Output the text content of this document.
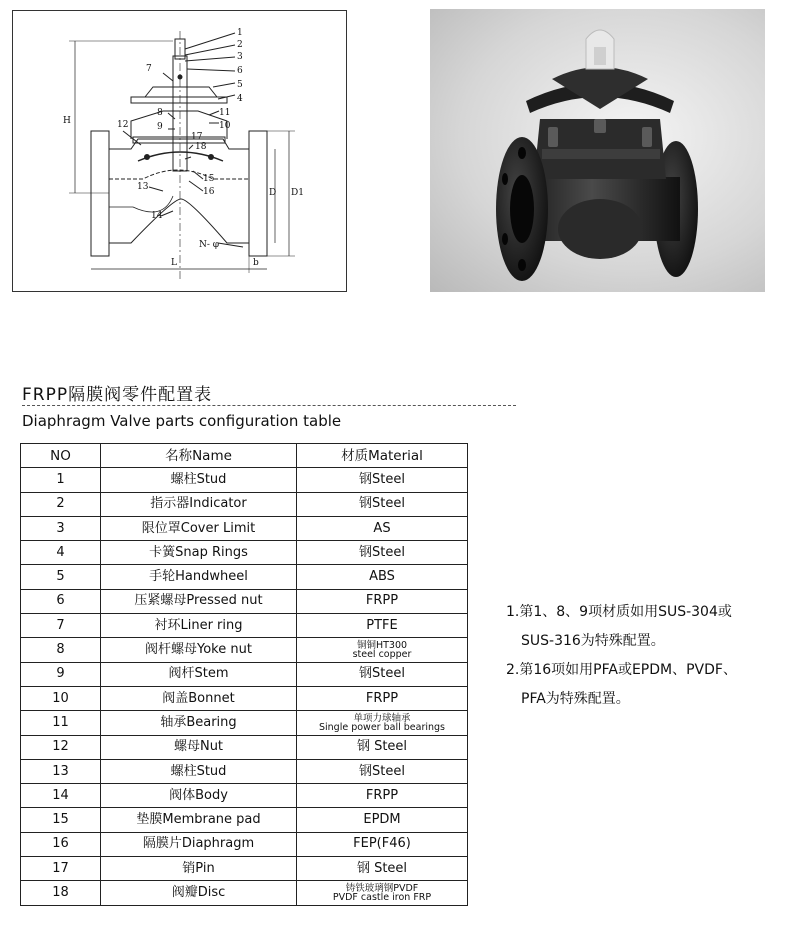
1
2
3
6
5
4
7
8
9
11
10
12
18
17
15
16
13
14
H
L
D D1
b
N- φ
FRPP隔膜阀零件配置表
Diaphragm Valve parts configuration table
NO	名称Name	材质Material
1	螺柱Stud	钢Steel
2	指示器Indicator	钢Steel
3	限位罩Cover Limit	AS
4	卡簧Snap Rings	钢Steel
5	手轮Handwheel	ABS
6	压紧螺母Pressed nut	FRPP
7	衬环Liner ring	PTFE
8	阀杆螺母Yoke nut	铜铜HT300
steel copper

9	阀杆Stem	钢Steel
10	阀盖Bonnet	FRPP
11	轴承Bearing	单项力球轴承
Single power ball bearings

12	螺母Nut	钢 Steel
13	螺柱Stud	钢Steel
14	阀体Body	FRPP
15	垫膜Membrane pad	EPDM
16	隔膜片Diaphragm	FEP(F46)
17	销Pin	钢 Steel
18	阀瓣Disc	铸铁玻璃钢PVDF
PVDF castle iron FRP
1.第1、8、9项材质如用SUS-304或
SUS-316为特殊配置。
2.第16项如用PFA或EPDM、PVDF、
PFA为特殊配置。
